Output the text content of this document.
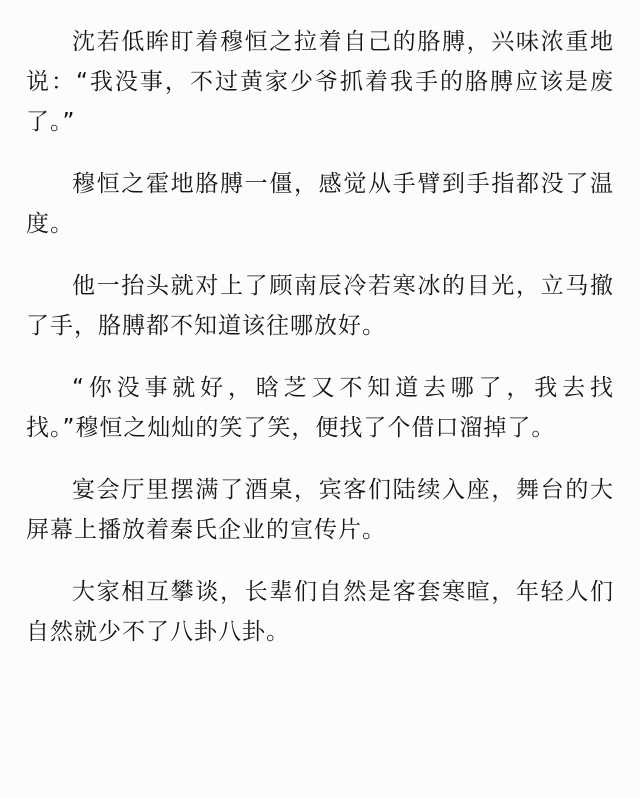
沈若低眸盯着穆恒之拉着自己的胳膊，兴味浓重地说：“我没事，不过黄家少爷抓着我手的胳膊应该是废了。”

穆恒之霍地胳膊一僵，感觉从手臂到手指都没了温度。

他一抬头就对上了顾南辰冷若寒冰的目光，立马撤了手，胳膊都不知道该往哪放好。

“你没事就好，晗芝又不知道去哪了，我去找找。”穆恒之灿灿的笑了笑，便找了个借口溜掉了。

宴会厅里摆满了酒桌，宾客们陆续入座，舞台的大屏幕上播放着秦氏企业的宣传片。

大家相互攀谈，长辈们自然是客套寒暄，年轻人们自然就少不了八卦八卦。
